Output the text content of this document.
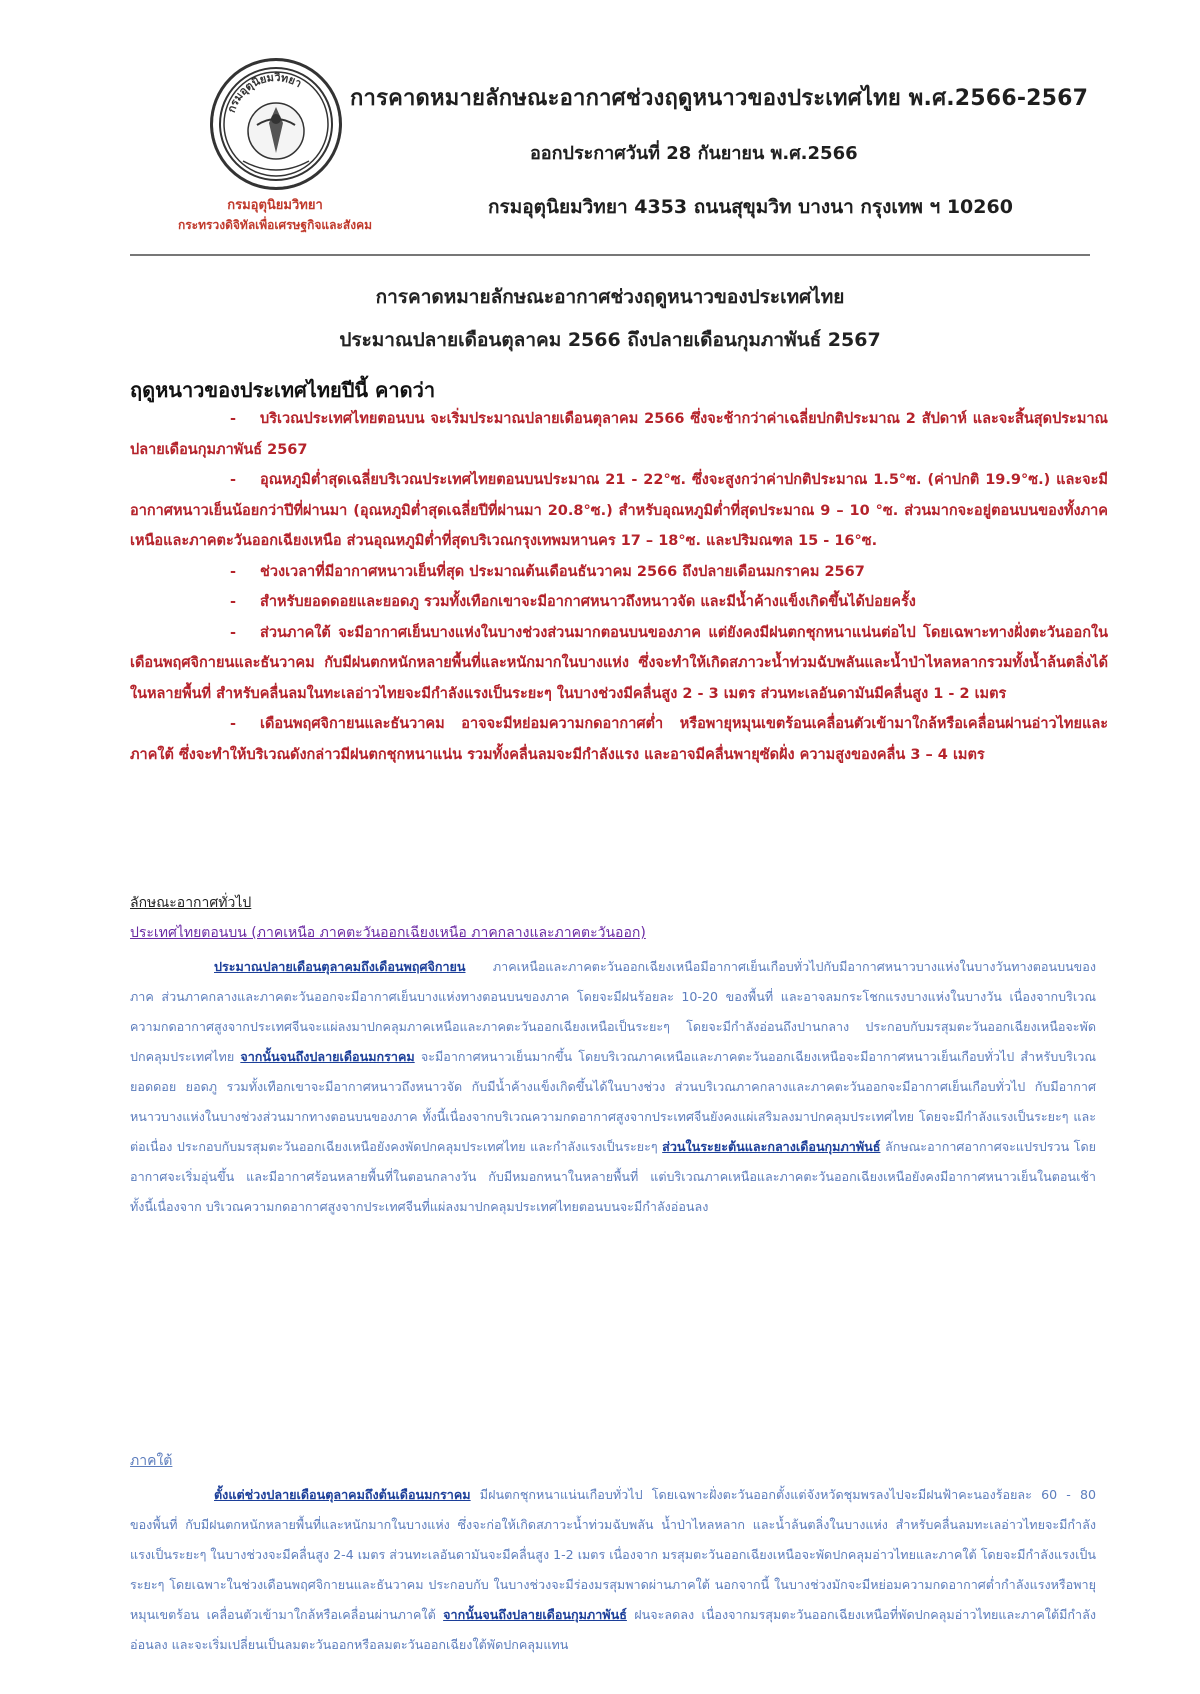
กรมอุตุนิยมวิทยา
กรมอุตุนิยมวิทยา
กระทรวงดิจิทัลเพื่อเศรษฐกิจและสังคม
การคาดหมายลักษณะอากาศช่วงฤดูหนาวของประเทศไทย พ.ศ.2566-2567
ออกประกาศวันที่ 28 กันยายน พ.ศ.2566
กรมอุตุนิยมวิทยา 4353 ถนนสุขุมวิท บางนา กรุงเทพ ฯ 10260
การคาดหมายลักษณะอากาศช่วงฤดูหนาวของประเทศไทย
ประมาณปลายเดือนตุลาคม 2566 ถึงปลายเดือนกุมภาพันธ์ 2567
ฤดูหนาวของประเทศไทยปีนี้ คาดว่า

- บริเวณประเทศไทยตอนบน จะเริ่มประมาณปลายเดือนตุลาคม 2566 ซึ่งจะช้ากว่าค่าเฉลี่ยปกติประมาณ 2 สัปดาห์ และจะสิ้นสุดประมาณปลายเดือนกุมภาพันธ์ 2567

- อุณหภูมิต่ำสุดเฉลี่ยบริเวณประเทศไทยตอนบนประมาณ 21 - 22°ซ. ซึ่งจะสูงกว่าค่าปกติประมาณ 1.5°ซ. (ค่าปกติ 19.9°ซ.) และจะมีอากาศหนาวเย็นน้อยกว่าปีที่ผ่านมา (อุณหภูมิต่ำสุดเฉลี่ยปีที่ผ่านมา 20.8°ซ.) สำหรับอุณหภูมิต่ำที่สุดประมาณ 9 – 10 °ซ. ส่วนมากจะอยู่ตอนบนของทั้งภาคเหนือและภาคตะวันออกเฉียงเหนือ ส่วนอุณหภูมิต่ำที่สุดบริเวณกรุงเทพมหานคร 17 – 18°ซ. และปริมณฑล 15 - 16°ซ.

- ช่วงเวลาที่มีอากาศหนาวเย็นที่สุด ประมาณต้นเดือนธันวาคม 2566 ถึงปลายเดือนมกราคม 2567

- สำหรับยอดดอยและยอดภู รวมทั้งเทือกเขาจะมีอากาศหนาวถึงหนาวจัด และมีน้ำค้างแข็งเกิดขึ้นได้บ่อยครั้ง

- ส่วนภาคใต้ จะมีอากาศเย็นบางแห่งในบางช่วงส่วนมากตอนบนของภาค แต่ยังคงมีฝนตกชุกหนาแน่นต่อไป โดยเฉพาะทางฝั่งตะวันออกในเดือนพฤศจิกายนและธันวาคม กับมีฝนตกหนักหลายพื้นที่และหนักมากในบางแห่ง ซึ่งจะทำให้เกิดสภาวะน้ำท่วมฉับพลันและน้ำป่าไหลหลากรวมทั้งน้ำล้นตลิ่งได้ในหลายพื้นที่ สำหรับคลื่นลมในทะเลอ่าวไทยจะมีกำลังแรงเป็นระยะๆ ในบางช่วงมีคลื่นสูง 2 - 3 เมตร ส่วนทะเลอันดามันมีคลื่นสูง 1 - 2 เมตร

- เดือนพฤศจิกายนและธันวาคม อาจจะมีหย่อมความกดอากาศต่ำ หรือพายุหมุนเขตร้อนเคลื่อนตัวเข้ามาใกล้หรือเคลื่อนผ่านอ่าวไทยและภาคใต้ ซึ่งจะทำให้บริเวณดังกล่าวมีฝนตกชุกหนาแน่น รวมทั้งคลื่นลมจะมีกำลังแรง และอาจมีคลื่นพายุซัดฝั่ง ความสูงของคลื่น 3 – 4 เมตร

ลักษณะอากาศทั่วไป
ประเทศไทยตอนบน (ภาคเหนือ ภาคตะวันออกเฉียงเหนือ ภาคกลางและภาคตะวันออก)

ประมาณปลายเดือนตุลาคมถึงเดือนพฤศจิกายน ภาคเหนือและภาคตะวันออกเฉียงเหนือมีอากาศเย็นเกือบทั่วไปกับมีอากาศหนาวบางแห่งในบางวันทางตอนบนของภาค ส่วนภาคกลางและภาคตะวันออกจะมีอากาศเย็นบางแห่งทางตอนบนของภาค โดยจะมีฝนร้อยละ 10-20 ของพื้นที่ และอาจลมกระโชกแรงบางแห่งในบางวัน เนื่องจากบริเวณความกดอากาศสูงจากประเทศจีนจะแผ่ลงมาปกคลุมภาคเหนือและภาคตะวันออกเฉียงเหนือเป็นระยะๆ โดยจะมีกำลังอ่อนถึงปานกลาง ประกอบกับมรสุมตะวันออกเฉียงเหนือจะพัดปกคลุมประเทศไทย จากนั้นจนถึงปลายเดือนมกราคม จะมีอากาศหนาวเย็นมากขึ้น โดยบริเวณภาคเหนือและภาคตะวันออกเฉียงเหนือจะมีอากาศหนาวเย็นเกือบทั่วไป สำหรับบริเวณยอดดอย ยอดภู รวมทั้งเทือกเขาจะมีอากาศหนาวถึงหนาวจัด กับมีน้ำค้างแข็งเกิดขึ้นได้ในบางช่วง ส่วนบริเวณภาคกลางและภาคตะวันออกจะมีอากาศเย็นเกือบทั่วไป กับมีอากาศหนาวบางแห่งในบางช่วงส่วนมากทางตอนบนของภาค ทั้งนี้เนื่องจากบริเวณความกดอากาศสูงจากประเทศจีนยังคงแผ่เสริมลงมาปกคลุมประเทศไทย โดยจะมีกำลังแรงเป็นระยะๆ และต่อเนื่อง ประกอบกับมรสุมตะวันออกเฉียงเหนือยังคงพัดปกคลุมประเทศไทย และกำลังแรงเป็นระยะๆ ส่วนในระยะต้นและกลางเดือนกุมภาพันธ์ ลักษณะอากาศอากาศจะแปรปรวน โดยอากาศจะเริ่มอุ่นขึ้น และมีอากาศร้อนหลายพื้นที่ในตอนกลางวัน กับมีหมอกหนาในหลายพื้นที่ แต่บริเวณภาคเหนือและภาคตะวันออกเฉียงเหนือยังคงมีอากาศหนาวเย็นในตอนเช้า ทั้งนี้เนื่องจาก บริเวณความกดอากาศสูงจากประเทศจีนที่แผ่ลงมาปกคลุมประเทศไทยตอนบนจะมีกำลังอ่อนลง

ภาคใต้

ตั้งแต่ช่วงปลายเดือนตุลาคมถึงต้นเดือนมกราคม มีฝนตกชุกหนาแน่นเกือบทั่วไป โดยเฉพาะฝั่งตะวันออกตั้งแต่จังหวัดชุมพรลงไปจะมีฝนฟ้าคะนองร้อยละ 60 - 80 ของพื้นที่ กับมีฝนตกหนักหลายพื้นที่และหนักมากในบางแห่ง ซึ่งจะก่อให้เกิดสภาวะน้ำท่วมฉับพลัน น้ำป่าไหลหลาก และน้ำล้นตลิ่งในบางแห่ง สำหรับคลื่นลมทะเลอ่าวไทยจะมีกำลังแรงเป็นระยะๆ ในบางช่วงจะมีคลื่นสูง 2-4 เมตร ส่วนทะเลอันดามันจะมีคลื่นสูง 1-2 เมตร เนื่องจาก มรสุมตะวันออกเฉียงเหนือจะพัดปกคลุมอ่าวไทยและภาคใต้ โดยจะมีกำลังแรงเป็นระยะๆ โดยเฉพาะในช่วงเดือนพฤศจิกายนและธันวาคม ประกอบกับ ในบางช่วงจะมีร่องมรสุมพาดผ่านภาคใต้ นอกจากนี้ ในบางช่วงมักจะมีหย่อมความกดอากาศต่ำกำลังแรงหรือพายุหมุนเขตร้อน เคลื่อนตัวเข้ามาใกล้หรือเคลื่อนผ่านภาคใต้ จากนั้นจนถึงปลายเดือนกุมภาพันธ์ ฝนจะลดลง เนื่องจากมรสุมตะวันออกเฉียงเหนือที่พัดปกคลุมอ่าวไทยและภาคใต้มีกำลังอ่อนลง และจะเริ่มเปลี่ยนเป็นลมตะวันออกหรือลมตะวันออกเฉียงใต้พัดปกคลุมแทน
